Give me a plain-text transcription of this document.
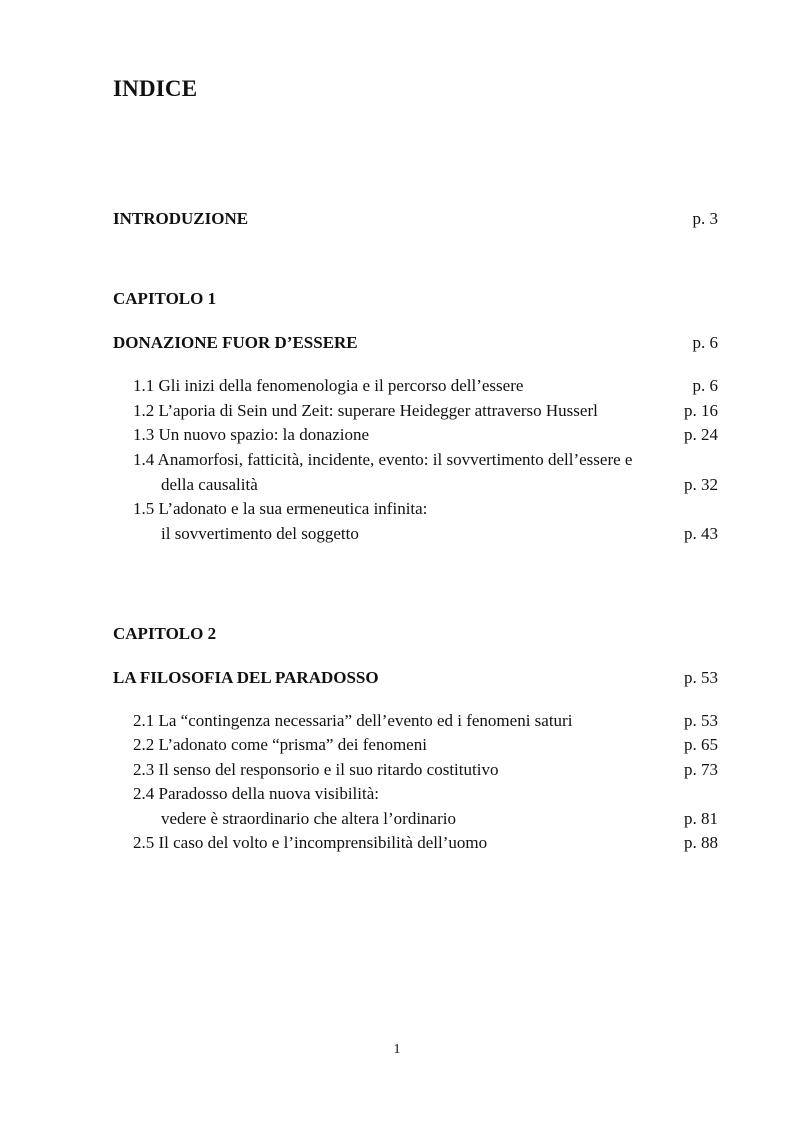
INDICE
INTRODUZIONE	p. 3
CAPITOLO 1
DONAZIONE FUOR D’ESSERE	p. 6
1.1 Gli inizi della fenomenologia e il percorso dell’essere	p. 6
1.2 L’aporia di Sein und Zeit: superare Heidegger attraverso Husserl	p. 16
1.3 Un nuovo spazio: la donazione	p. 24
1.4 Anamorfosi, fatticità, incidente, evento: il sovvertimento dell’essere e
della causalità	p. 32
1.5 L’adonato e la sua ermeneutica infinita:
il sovvertimento del soggetto	p. 43
CAPITOLO 2
LA FILOSOFIA DEL PARADOSSO	p. 53
2.1 La “contingenza necessaria” dell’evento ed i fenomeni saturi	p. 53
2.2 L’adonato come “prisma” dei fenomeni	p. 65
2.3 Il senso del responsorio e il suo ritardo costitutivo	p. 73
2.4 Paradosso della nuova visibilità:
vedere è straordinario che altera l’ordinario	p. 81
2.5 Il caso del volto e l’incomprensibilità dell’uomo	p. 88
1
